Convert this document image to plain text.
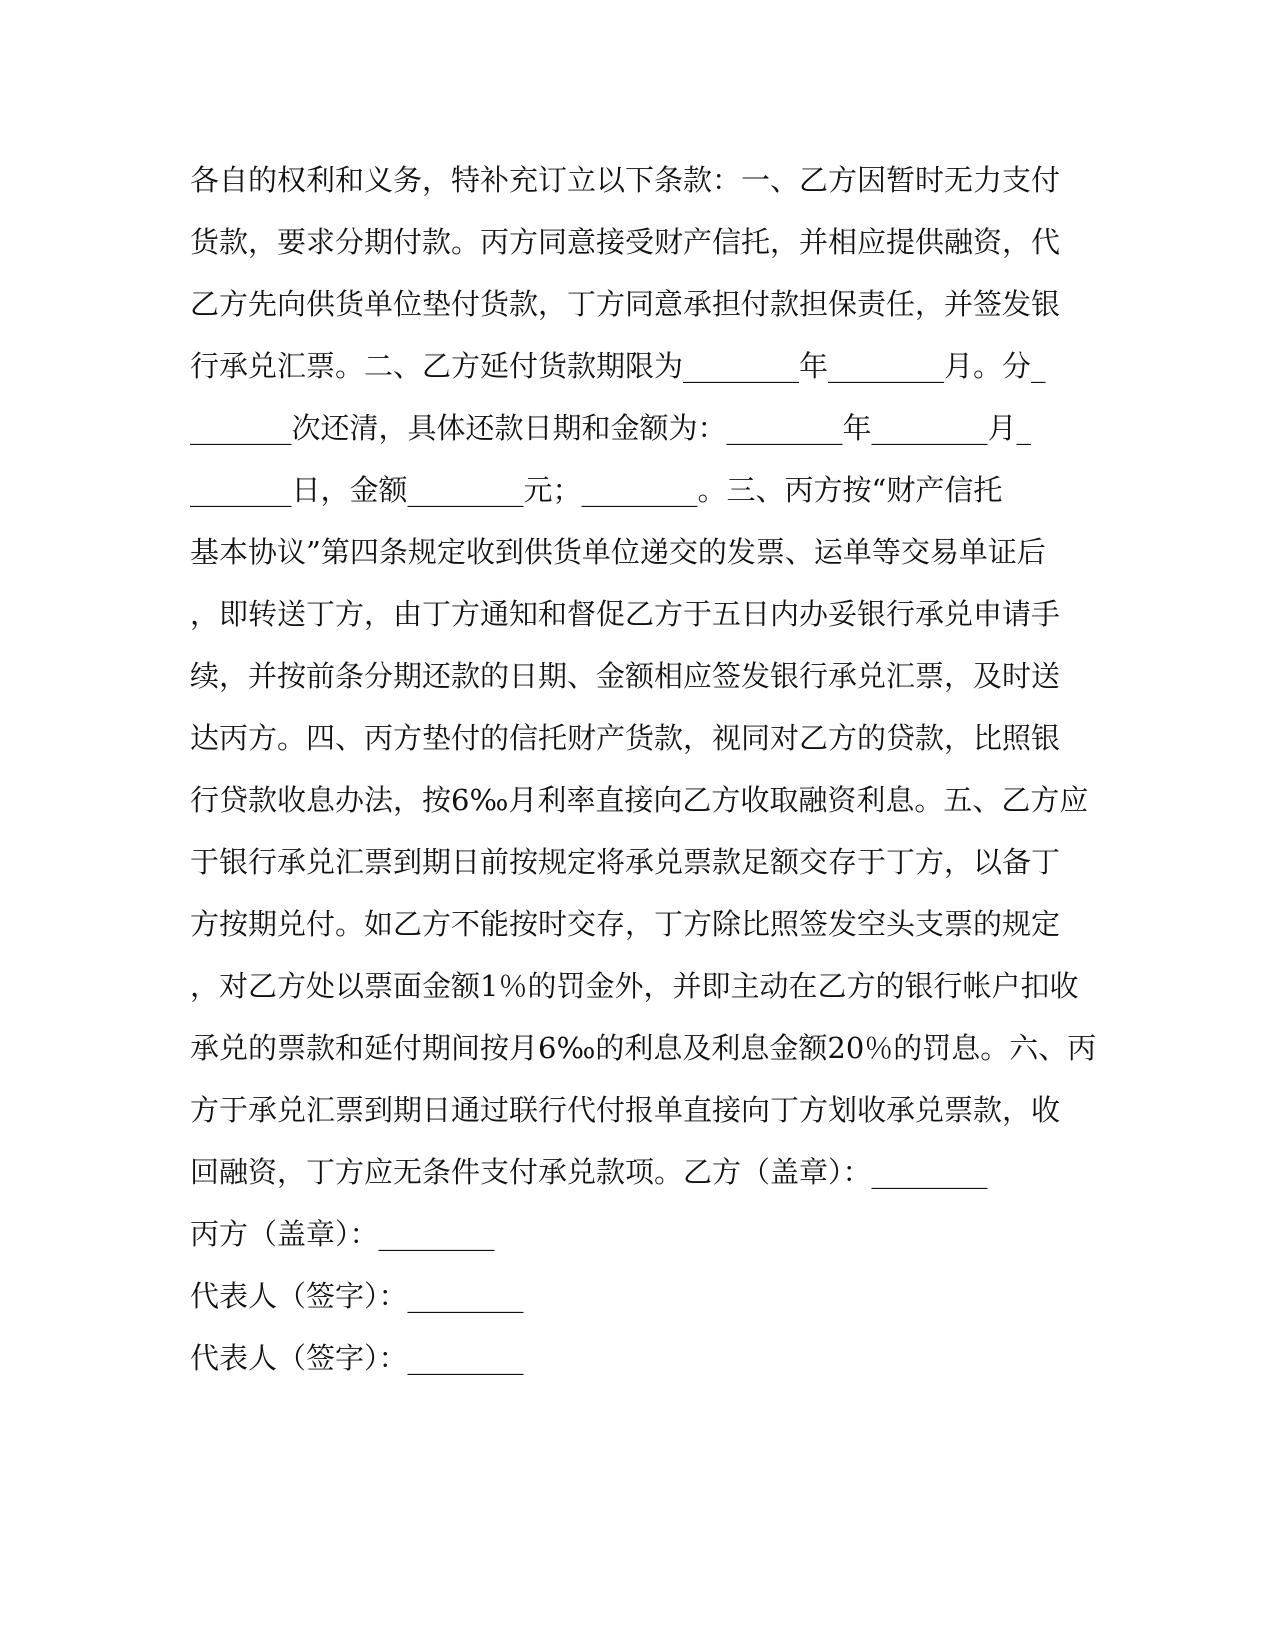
各自的权利和义务，特补充订立以下条款：一、乙方因暂时无力支付
货款，要求分期付款。丙方同意接受财产信托，并相应提供融资，代
乙方先向供货单位垫付货款，丁方同意承担付款担保责任，并签发银
行承兑汇票。二、乙方延付货款期限为________年________月。分_
_______次还清，具体还款日期和金额为：________年________月_
_______日，金额________元；________。三、丙方按“财产信托
基本协议”第四条规定收到供货单位递交的发票、运单等交易单证后
，即转送丁方，由丁方通知和督促乙方于五日内办妥银行承兑申请手
续，并按前条分期还款的日期、金额相应签发银行承兑汇票，及时送
达丙方。四、丙方垫付的信托财产货款，视同对乙方的贷款，比照银
行贷款收息办法，按6‰月利率直接向乙方收取融资利息。五、乙方应
于银行承兑汇票到期日前按规定将承兑票款足额交存于丁方，以备丁
方按期兑付。如乙方不能按时交存，丁方除比照签发空头支票的规定
，对乙方处以票面金额1％的罚金外，并即主动在乙方的银行帐户扣收
承兑的票款和延付期间按月6‰的利息及利息金额20％的罚息。六、丙
方于承兑汇票到期日通过联行代付报单直接向丁方划收承兑票款，收
回融资，丁方应无条件支付承兑款项。乙方（盖章）：________
丙方（盖章）：________
代表人（签字）：________
代表人（签字）：________
